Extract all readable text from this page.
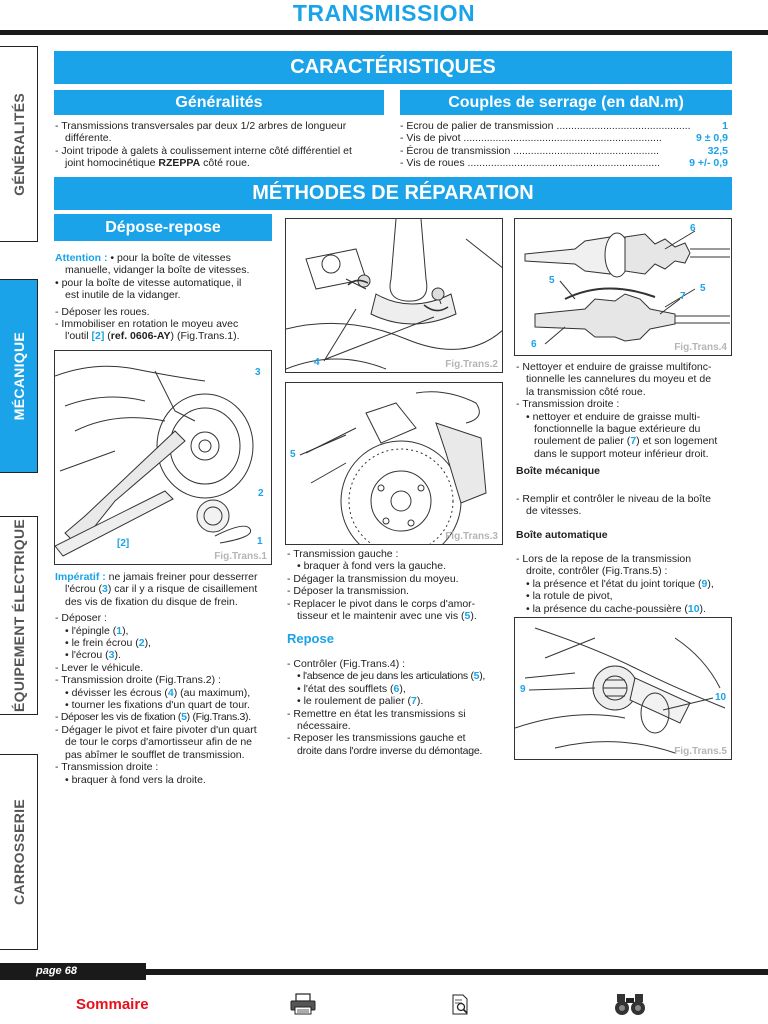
TRANSMISSION
GÉNÉRALITÉS
MÉCANIQUE
ÉQUIPEMENT ÉLECTRIQUE
CARROSSERIE
CARACTÉRISTIQUES
Généralités	Couples de serrage (en daN.m)

- Transmissions transversales par deux 1/2 arbres de longueur

différente.

- Joint tripode à galets à coulissement interne côté différentiel et

joint homocinétique RZEPPA côté roue.

- Ecrou de palier de transmission ..............................................	1
- Vis de pivot ....................................................................	9 ± 0,9
- Écrou de transmission ..................................................	32,5
- Vis de roues ..................................................................	9 +/- 0,9
MÉTHODES DE RÉPARATION
Dépose-repose

Attention : • pour la boîte de vitesses

manuelle, vidanger la boîte de vitesses.

• pour la boîte de vitesse automatique, il

est inutile de la vidanger.

- Déposer les roues.

- Immobiliser en rotation le moyeu avec

l'outil [2] (ref. 0606-AY) (Fig.Trans.1).

3
2
1
[2]
Fig.Trans.1

Impératif : ne jamais freiner pour desserrer

l'écrou (3) car il y a risque de cisaillement

des vis de fixation du disque de frein.

- Déposer :

• l'épingle (1),

• le frein écrou (2),

• l'écrou (3).

- Lever le véhicule.

- Transmission droite (Fig.Trans.2) :

• dévisser les écrous (4) (au maximum),

• tourner les fixations d'un quart de tour.

- Déposer les vis de fixation (5) (Fig.Trans.3).

- Dégager le pivot et faire pivoter d'un quart

de tour le corps d'amortisseur afin de ne

pas abîmer le soufflet de transmission.

- Transmission droite :

• braquer à fond vers la droite.

4	Fig.Trans.2
5
Fig.Trans.3

- Transmission gauche :

• braquer à fond vers la gauche.

- Dégager la transmission du moyeu.

- Déposer la transmission.

- Replacer le pivot dans le corps d'amor-

tisseur et le maintenir avec une vis (5).

Repose

- Contrôler (Fig.Trans.4) :

• l'absence de jeu dans les articulations (5),

• l'état des soufflets (6),

• le roulement de palier (7).

- Remettre en état les transmissions si

nécessaire.

- Reposer les transmissions gauche et

droite dans l'ordre inverse du démontage.

6
5
5
7
6	Fig.Trans.4

- Nettoyer et enduire de graisse multifonc-

tionnelle les cannelures du moyeu et de

la transmission côté roue.

- Transmission droite :

• nettoyer et enduire de graisse multi-

fonctionnelle la bague extérieure du

roulement de palier (7) et son logement

dans le support moteur inférieur droit.

Boîte mécanique

- Remplir et contrôler le niveau de la boîte

de vitesses.

Boîte automatique

- Lors de la repose de la transmission

droite, contrôler (Fig.Trans.5) :

• la présence et l'état du joint torique (9),

• la rotule de pivot,

• la présence du cache-poussière (10).

9
10
Fig.Trans.5
page 68
Sommaire
